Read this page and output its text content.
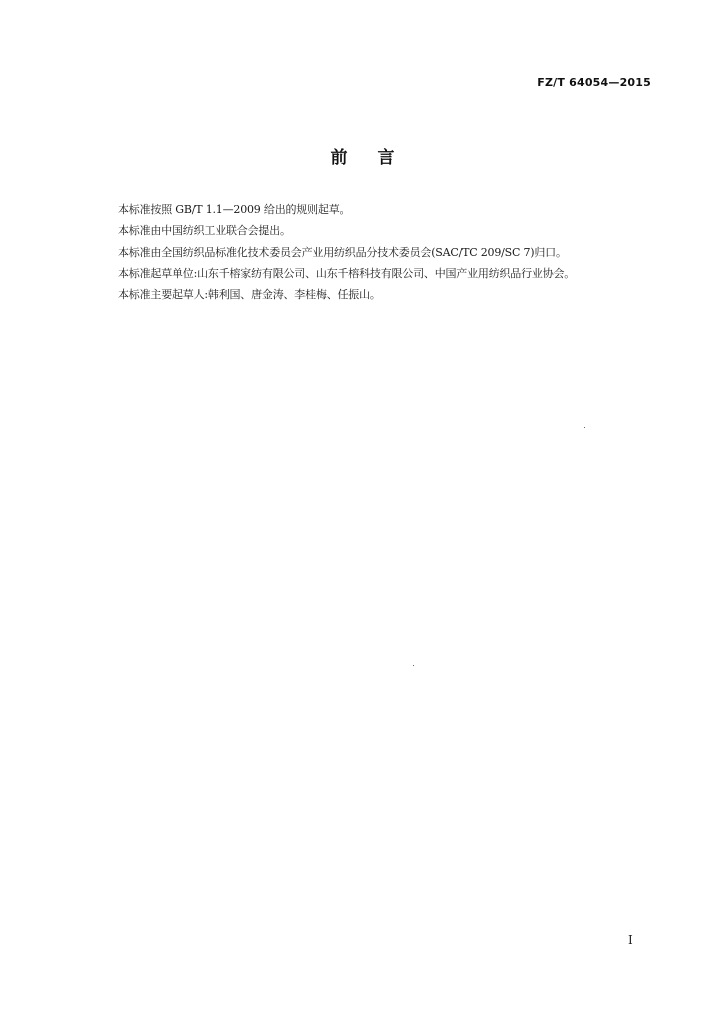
FZ/T 64054—2015
前言
本标准按照 GB/T 1.1—2009 给出的规则起草。
本标准由中国纺织工业联合会提出。
本标准由全国纺织品标准化技术委员会产业用纺织品分技术委员会(SAC/TC 209/SC 7)归口。
本标准起草单位:山东千榕家纺有限公司、山东千榕科技有限公司、中国产业用纺织品行业协会。
本标准主要起草人:韩利国、唐金涛、李桂梅、任振山。
I
